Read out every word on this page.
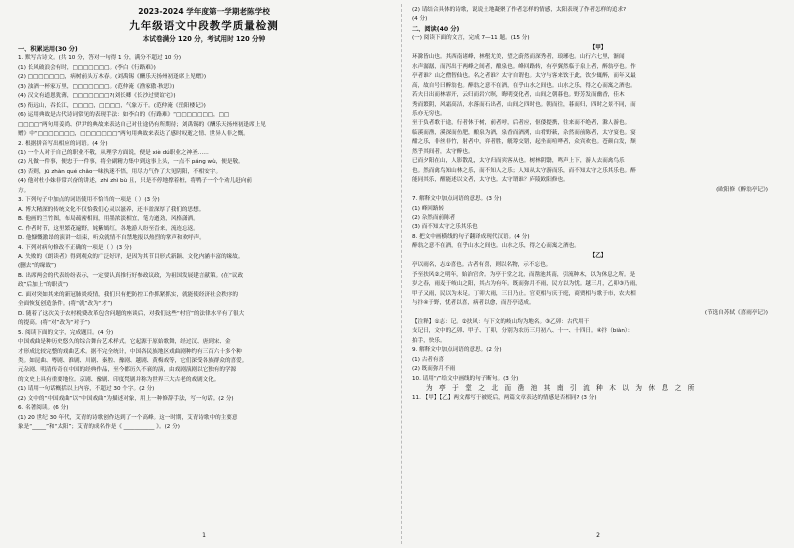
2023-2024 学年度第一学期老陈学校
九年级语文中段教学质量检测
本试卷满分 120 分，考试用时 120 分钟
一、积累运用(30 分)
1. 默写古诗文。(共 10 分，答对一句得 1 分，满分不超过 10 分)
(1) 长风破浪会有时，□□□□□□□。(李白《行路难》)
(2) □□□□□□□，病树前头万木春。(刘禹锡《酬乐天扬州初逢席上见赠》)
(3) 浊酒一杯家万里，□□□□□□□。(范仲淹《渔家傲·秋思》)
(4) 汉文有道恩犹薄，□□□□□□□?(刘长卿《长沙过贾谊宅》)
(5) 衔远山，吞长江，□□□□，□□□□，气象万千。(范仲淹《岳阳楼记》)
(6) 运用典故是古代诗词常见的表现手法：如李白的《行路难》“□□□□□□□，□□
□□□□”两句用姜尚、伊尹的典故来表达自己对仕途仍有所期待；刘禹锡的《酬乐天扬州初逢席上见
赠》中“□□□□□□□，□□□□□□□”两句用典故来表达了感时叹逝之情、世异人非之慨。
2. 根据拼音写出相应的词语。(4 分)
(1) 一个人对于自己的职业不敬，从理学方面说，便是 xiè dú职业之神圣……
(2) 凡做一件事，便忠于一件事，将全副精力集中到这事上头，一点不 páng wù，便是敬。
(3) 否则，jū zhàn qué chǎo一味执迷不悟，用尽力气作了大见阴阳，不相安宇。
(4) 他对杜小妹非常兴奋的讲述，zhì zhì bù 且，只是不停地撑着桩，将鸭子一个个劝儿赶向前
方。
3. 下列句子中加点的词语使用不恰当的一项是（ ）(3 分)
A. 博大精深的传统文化不仅恰我们心灵以滋养，还丰盈深厚了我们的思想。
B. 他画的兰竹图，布局疏密相间，用墨浓淡相宜，笔力遒劲，风格潇洒。
C. 作者时节，这里繁花遍野，姹紫嫣红，各地游人纷至沓来，流连忘返。
D. 他慷慨激昂的演讲一结束，听众就情不自禁地报以热烈的掌声和欢呼声。
4. 下列对病句修改不正确的一项是（ ）(3 分)
A. 失败的《朗读者》得到观众的广泛好评，是因为其节目形式新颖、文化内涵丰富的缘故。
(删去“的缘故”)
B. 出席两会的代表纷纷表示，一定要认真推行好参政议政，为祖国发展建言献策。(在“议政
政”后加上“的职责”)
C. 面对突如其来的新冠肺炎疫情，我们只有把防控工作抓紧抓实，就能使经济社会秩序的
全面恢复创造条件。(将“就”改为“才”)
D. 随着了这次关于农村税费改革包含问题的座谈后，对我们这些“村官”的法律水平有了很大
的提高。(将“对”改为“对于”)
5. 阅读下面的文字，完成题目。(4 分)
中国戏曲是种历史悠久的综合舞台艺术样式。它起源于原始歌舞，经过汉、唐到宋、金
才形成比较完整的戏曲艺术。据不完全统计，中国各民族地区戏曲剧种约有三百六十多个种
类。如昆曲、粤剧、淮剧、川剧、秦腔、豫剧、越剧、黄梅戏等，它们深受各族群众的喜爱。
元杂剧、明清传奇在中国的经典作品，至今都历久不衰的演，由戏剧演剧以它独有的学源
的文史上具有重要地位。京剧、豫剧、印度梵剧并称为世界三大古老的戏剧文化。
(1) 请用一句话概括以上内容，不超过 30 个字。(2 分)
(2) 文中的“中国戏曲”以“中国戏曲”为描述对象，用上一种修辞手法，写一句话。(2 分)
6. 名著阅读。(6 分)
(1) 20 世纪 30 年代，艾青的诗歌创作达到了一个高峰。这一时期，艾青诗歌中的主要意
象是“_____”和“太阳”；艾青的成名作是《 ___________ 》。(2 分)
1
(2) 请结合具体的诗歌，说说土地凝聚了作者怎样的情感，太阳表现了作者怎样的追求?
(4 分)
二、阅读(40 分)
(一) 阅读下面的文言，完成 7—11 题。(15 分)
【甲】
环滁皆山也。其西南诸峰，林壑尤美，望之蔚然而深秀者，琅琊也。山行六七里，渐闻
水声潺潺，而泻出于两峰之间者，酿泉也。峰回路转，有亭翼然临于泉上者，醉翁亭也。作
亭者谁？山之僧智仙也。名之者谁？太守自谓也。太守与客来饮于此，饮少辄醉，而年又最
高，故自号曰醉翁也。醉翁之意不在酒，在乎山水之间也。山水之乐，得之心而寓之酒也。
若夫日出而林霏开，云归而岩穴暝，晦明变化者，山间之朝暮也。野芳发而幽香，佳木
秀而繁阴，风霜高洁，水落而石出者，山间之四时也。朝而往，暮而归，四时之景不同，而
乐亦无穷也。
至于负者歌于途，行者休于树，前者呼，后者应，伛偻提携，往来而不绝者，滁人游也。
临溪而渔，溪深而鱼肥，酿泉为酒，泉香而酒洌，山肴野蔌，杂然而前陈者，太守宴也。宴
酣之乐，非丝非竹，射者中，弈者胜，觥筹交错，起坐而喧哗者，众宾欢也。苍颜白发，颓
然乎其间者，太守醉也。
已而夕阳在山，人影散乱，太守归而宾客从也。树林阴翳，鸣声上下，游人去而禽鸟乐
也。然而禽鸟知山林之乐，而不知人之乐；人知从太守游而乐，而不知太守之乐其乐也。醉
能同其乐，醒能述以文者，太守也。太守谓谁？庐陵欧阳修也。
(欧阳修《醉翁亭记》)
7. 解释文中加点词语的意思。(3 分)
(1) 峰回路转
(2) 杂然而前陈者
(3) 而不知太守之乐其乐也
8. 把文中画横线的句子翻译成现代汉语。(4 分)
醉翁之意不在酒，在乎山水之间也。山水之乐，得之心而寓之酒也。
【乙】
亭以雨名，志①喜也。古者有喜，则以名物，示不忘也。
予至扶风②之明年，始治官舍。为亭于堂之北，而凿池其南，引流种木，以为休息之所。是
岁之春，雨麦于岐山之阳，其占为有年。既而弥月不雨，民方以为忧。越三月，乙卯③乃雨，
甲子又雨，民以为未足。丁卯大雨，三日乃止。官吏相与庆于庭，商贾相与歌于市，农夫相
与抃④于野，忧者以喜，病者以愈，而吾亭适成。
(节选自苏轼《喜雨亭记》)
【注释】①志：记。②扶风：与下文的岐山均为地名。③乙卯：古代用干
支记日，文中的乙卯、甲子、丁卯，分别为农历三月初八、十一、十四日。④抃（biàn）：
拍手，快乐。
9. 解释文中加点词语的意思。(2 分)
(1) 古者有喜
(2) 既而弥月不雨
10. 请用“/”给文中画线的句子断句。(3 分)
为 亭 于 堂 之 北 而 凿 池 其 南 引 流 种 木 以 为 休 息 之 所
11. 【甲】【乙】两文都写于被贬后，两篇文章表达的情感是否相同? (3 分)
2
